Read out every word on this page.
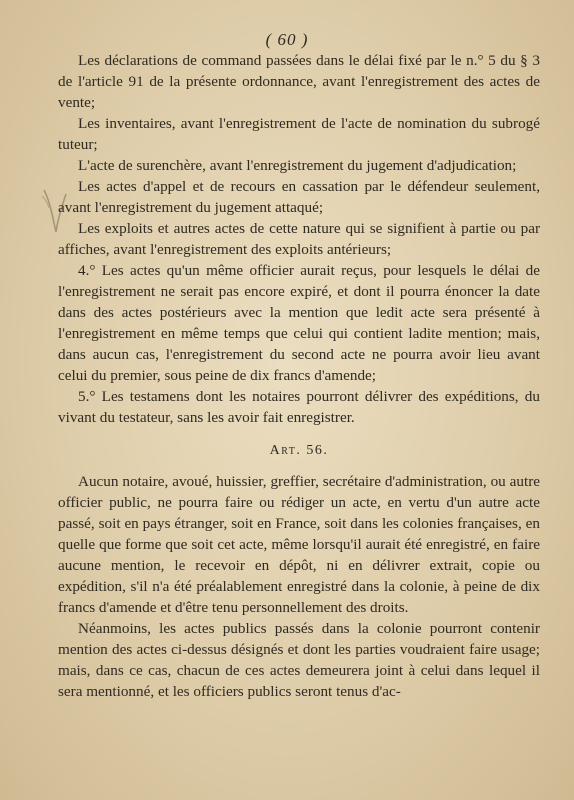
( 60 )

Les déclarations de command passées dans le délai fixé par le n.° 5 du § 3 de l'article 91 de la présente ordonnance, avant l'enregistrement des actes de vente;

Les inventaires, avant l'enregistrement de l'acte de nomination du subrogé tuteur;

L'acte de surenchère, avant l'enregistrement du jugement d'adjudication;

Les actes d'appel et de recours en cassation par le défendeur seulement, avant l'enregistrement du jugement attaqué;

Les exploits et autres actes de cette nature qui se signifient à partie ou par affiches, avant l'enregistrement des exploits antérieurs;

4.° Les actes qu'un même officier aurait reçus, pour lesquels le délai de l'enregistrement ne serait pas encore expiré, et dont il pourra énoncer la date dans des actes postérieurs avec la mention que ledit acte sera présenté à l'enregistrement en même temps que celui qui contient ladite mention; mais, dans aucun cas, l'enregistrement du second acte ne pourra avoir lieu avant celui du premier, sous peine de dix francs d'amende;

5.° Les testamens dont les notaires pourront délivrer des expéditions, du vivant du testateur, sans les avoir fait enregistrer.

Art. 56.

Aucun notaire, avoué, huissier, greffier, secrétaire d'administration, ou autre officier public, ne pourra faire ou rédiger un acte, en vertu d'un autre acte passé, soit en pays étranger, soit en France, soit dans les colonies françaises, en quelle que forme que soit cet acte, même lorsqu'il aurait été enregistré, en faire aucune mention, le recevoir en dépôt, ni en délivrer extrait, copie ou expédition, s'il n'a été préalablement enregistré dans la colonie, à peine de dix francs d'amende et d'être tenu personnellement des droits.

Néanmoins, les actes publics passés dans la colonie pourront contenir mention des actes ci-dessus désignés et dont les parties voudraient faire usage; mais, dans ce cas, chacun de ces actes demeurera joint à celui dans lequel il sera mentionné, et les officiers publics seront tenus d'ac-
